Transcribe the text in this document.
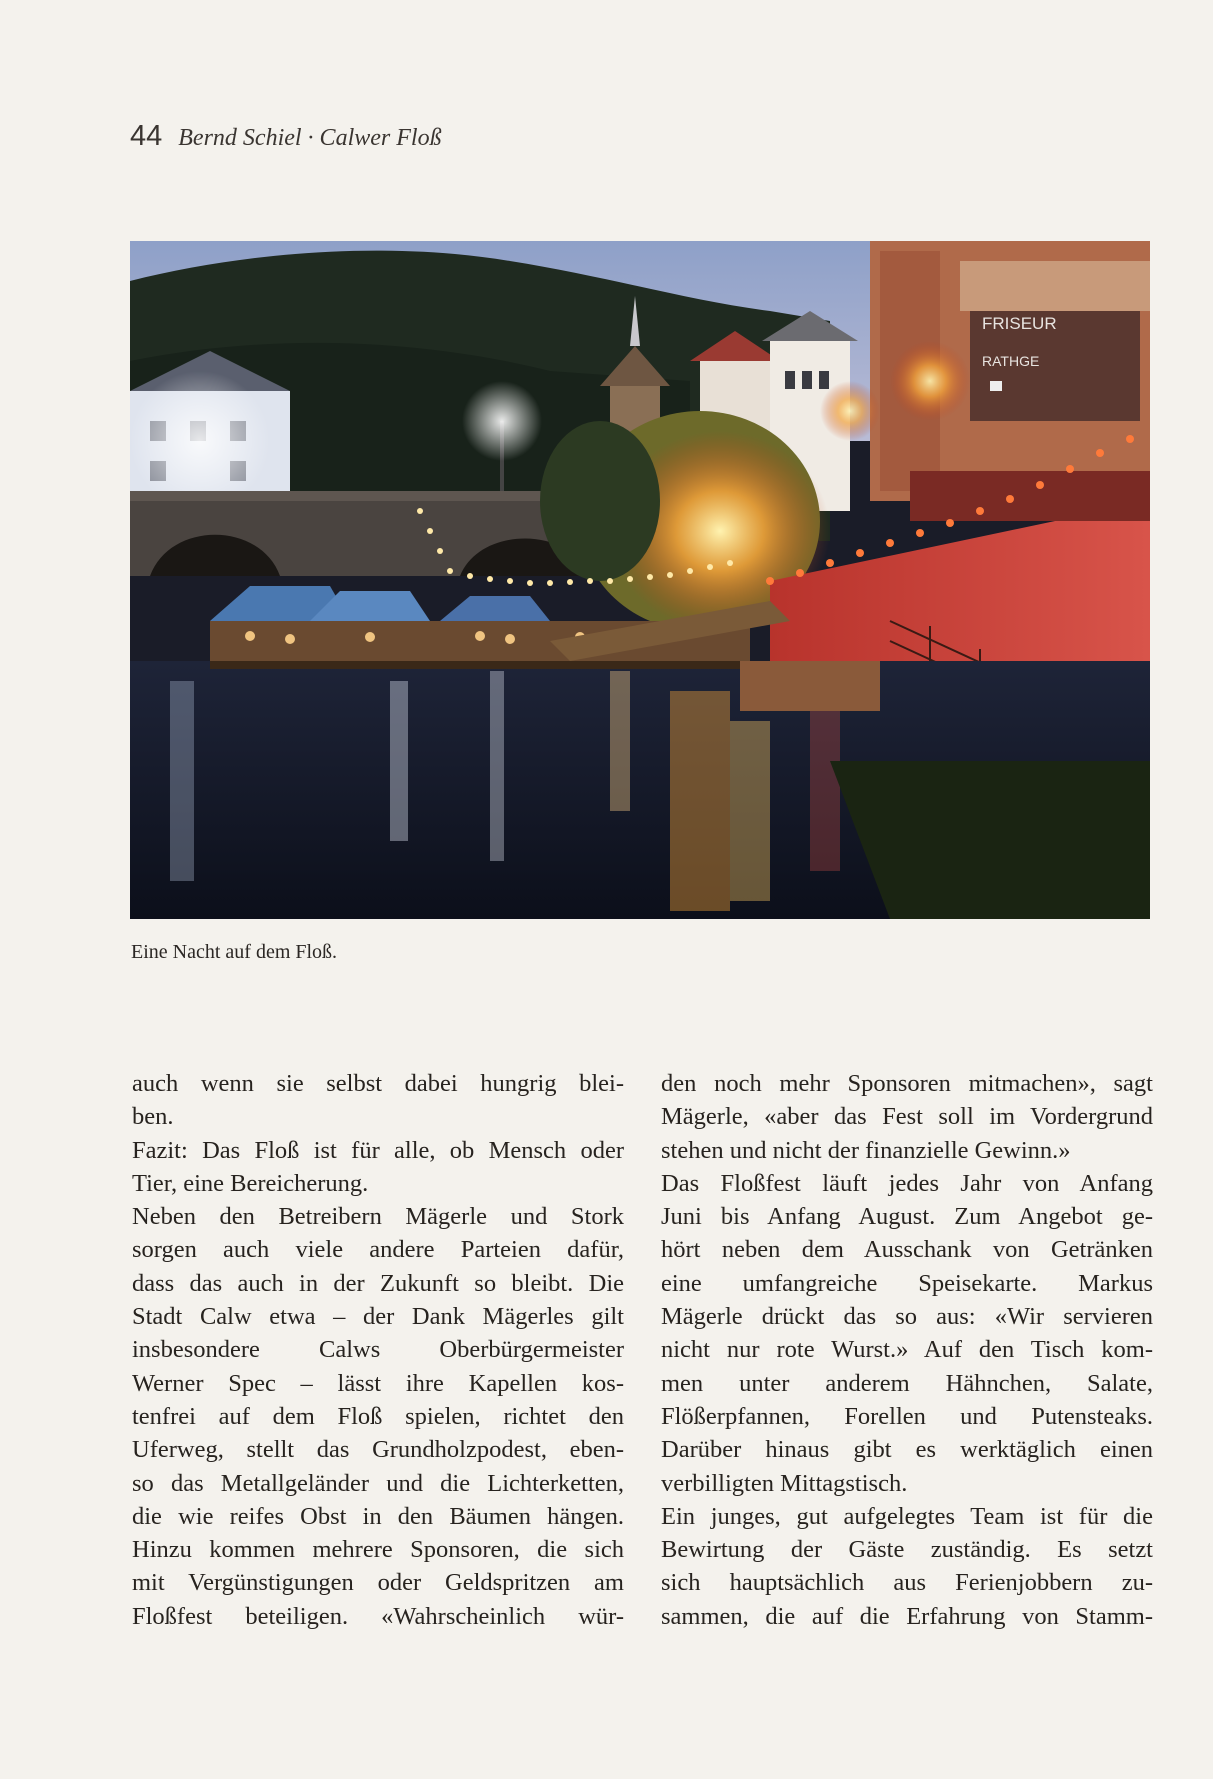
44 Bernd Schiel · Calwer Floß
FRISEUR
RATHGE
Eine Nacht auf dem Floß.
auch wenn sie selbst dabei hungrig blei-
ben.
Fazit: Das Floß ist für alle, ob Mensch oder
Tier, eine Bereicherung.
Neben den Betreibern Mägerle und Stork
sorgen auch viele andere Parteien dafür,
dass das auch in der Zukunft so bleibt. Die
Stadt Calw etwa – der Dank Mägerles gilt
insbesondere Calws Oberbürgermeister
Werner Spec – lässt ihre Kapellen kos-
tenfrei auf dem Floß spielen, richtet den
Uferweg, stellt das Grundholzpodest, eben-
so das Metallgeländer und die Lichterketten,
die wie reifes Obst in den Bäumen hängen.
Hinzu kommen mehrere Sponsoren, die sich
mit Vergünstigungen oder Geldspritzen am
Floßfest beteiligen. «Wahrscheinlich wür-
den noch mehr Sponsoren mitmachen», sagt
Mägerle, «aber das Fest soll im Vordergrund
stehen und nicht der finanzielle Gewinn.»
Das Floßfest läuft jedes Jahr von Anfang
Juni bis Anfang August. Zum Angebot ge-
hört neben dem Ausschank von Getränken
eine umfangreiche Speisekarte. Markus
Mägerle drückt das so aus: «Wir servieren
nicht nur rote Wurst.» Auf den Tisch kom-
men unter anderem Hähnchen, Salate,
Flößerpfannen, Forellen und Putensteaks.
Darüber hinaus gibt es werktäglich einen
verbilligten Mittagstisch.
Ein junges, gut aufgelegtes Team ist für die
Bewirtung der Gäste zuständig. Es setzt
sich hauptsächlich aus Ferienjobbern zu-
sammen, die auf die Erfahrung von Stamm-
